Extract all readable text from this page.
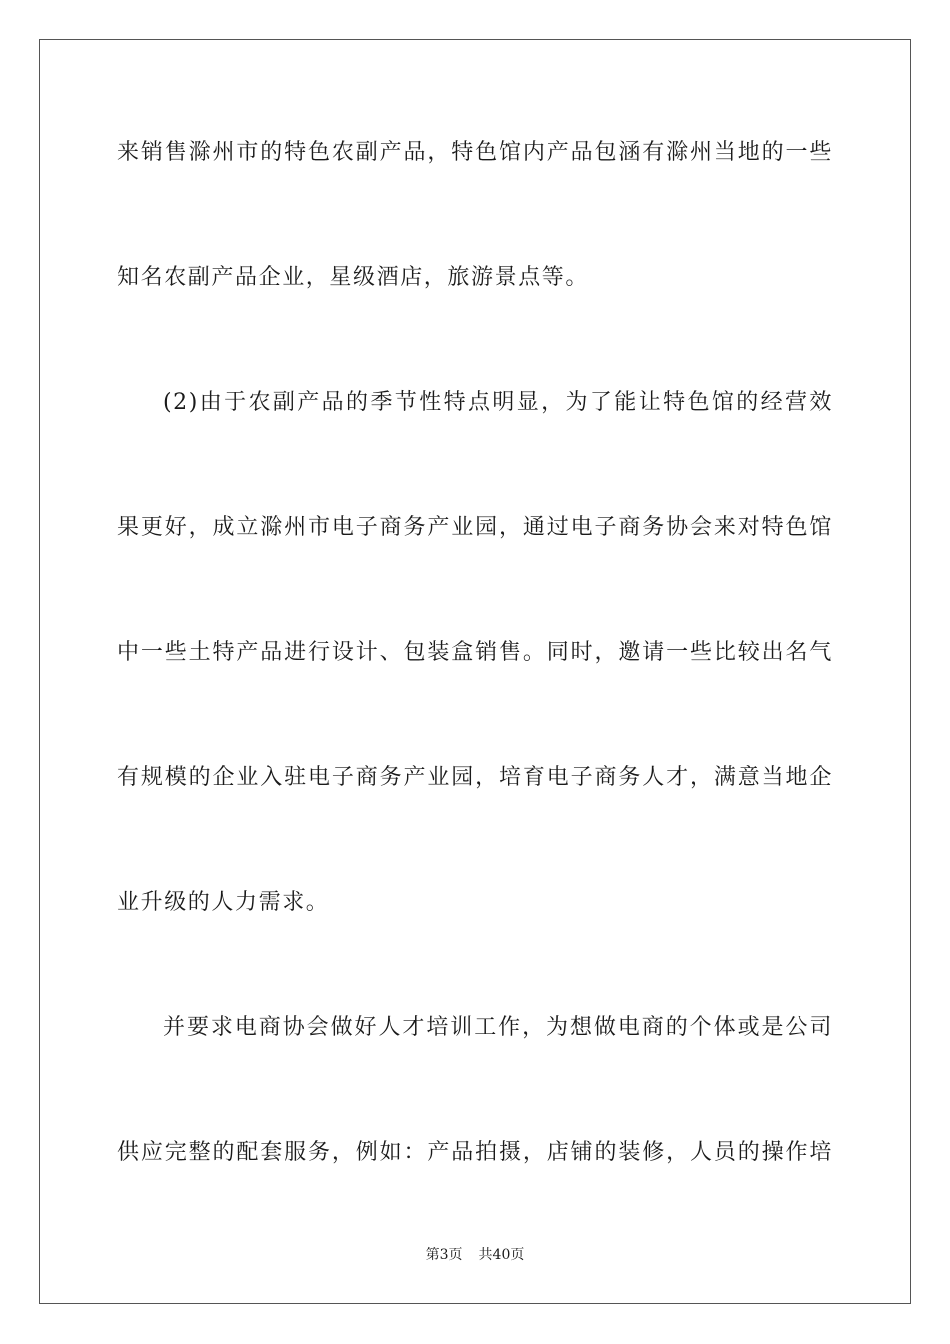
来销售滁州市的特色农副产品，特色馆内产品包涵有滁州当地的一些
知名农副产品企业，星级酒店，旅游景点等。
(2)由于农副产品的季节性特点明显，为了能让特色馆的经营效
果更好，成立滁州市电子商务产业园，通过电子商务协会来对特色馆
中一些土特产品进行设计、包装盒销售。同时，邀请一些比较出名气
有规模的企业入驻电子商务产业园，培育电子商务人才，满意当地企
业升级的人力需求。
并要求电商协会做好人才培训工作，为想做电商的个体或是公司
供应完整的配套服务，例如：产品拍摄，店铺的装修，人员的操作培
第3页 共40页
